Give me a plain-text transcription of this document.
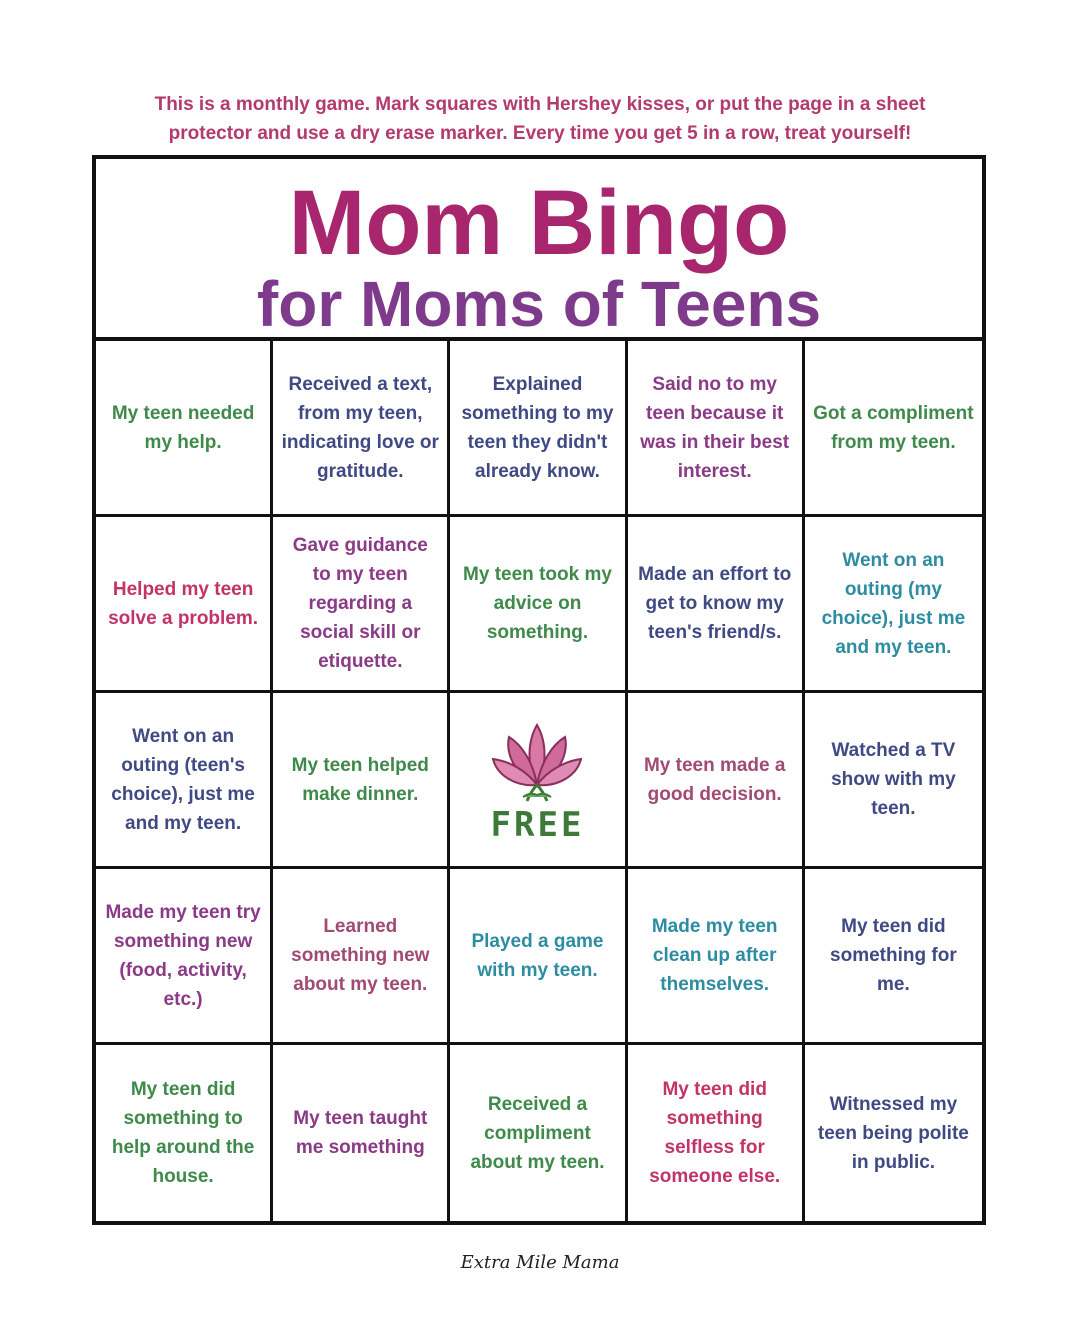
This is a monthly game. Mark squares with Hershey kisses, or put the page in a sheet
protector and use a dry erase marker. Every time you get 5 in a row, treat yourself!
Mom Bingo
for Moms of Teens
My teen needed my help.
Received a text, from my teen, indicating love or gratitude.
Explained something to my teen they didn't already know.
Said no to my teen because it was in their best interest.
Got a compliment from my teen.
Helped my teen solve a problem.
Gave guidance to my teen regarding a social skill or etiquette.
My teen took my advice on something.
Made an effort to get to know my teen's friend/s.
Went on an outing (my choice), just me and my teen.
Went on an outing (teen's choice), just me and my teen.
My teen helped make dinner.
FREE
My teen made a good decision.
Watched a TV show with my teen.
Made my teen try something new (food, activity, etc.)
Learned something new about my teen.
Played a game with my teen.
Made my teen clean up after themselves.
My teen did something for me.
My teen did something to help around the house.
My teen taught me something
Received a compliment about my teen.
My teen did something selfless for someone else.
Witnessed my teen being polite in public.
Extra Mile Mama
